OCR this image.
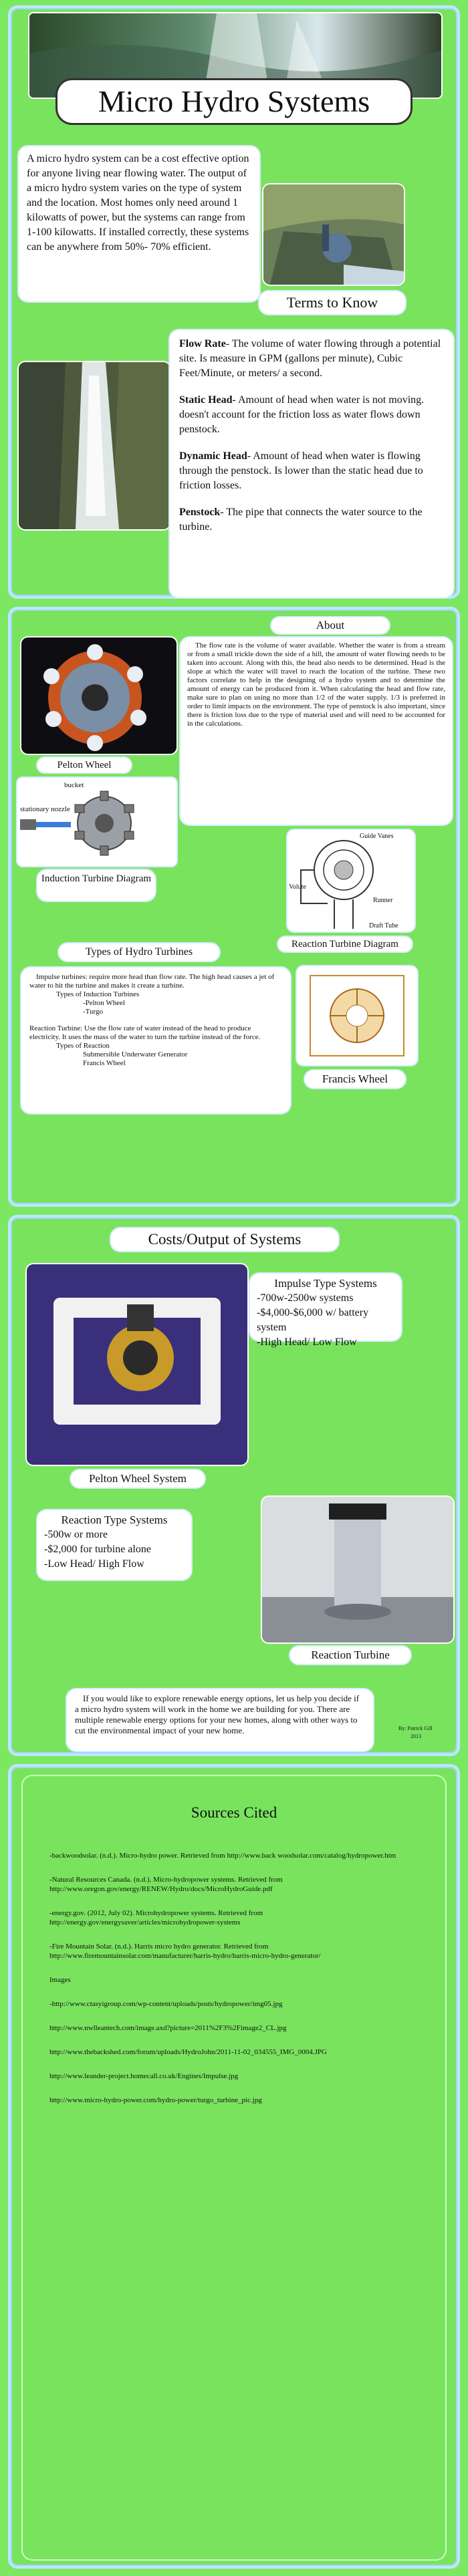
Micro Hydro Systems

A micro hydro system can be a cost effective option for anyone living near flowing water. The output of a micro hydro system varies on the type of system and the location. Most homes only need around 1 kilowatts of power, but the systems can range from 1-100 kilowatts. If installed correctly, these systems can be anywhere from 50%- 70% efficient.

Terms to Know
Flow Rate- The volume of water flowing through a potential site. Is measure in GPM (gallons per minute), Cubic Feet/Minute, or meters/ a second.
Static Head- Amount of head when water is not moving. doesn't account for the friction loss as water flows down penstock.
Dynamic Head- Amount of head when water is flowing through the penstock. Is lower than the static head due to friction losses.
Penstock- The pipe that connects the water source to the turbine.
About

The flow rate is the volume of water available. Whether the water is from a stream or from a small trickle down the side of a hill, the amount of water flowing needs to be taken into account. Along with this, the head also needs to be determined. Head is the slope at which the water will travel to reach the location of the turbine. These two factors correlate to help in the designing of a hydro system and to determine the amount of energy can be produced from it. When calculating the head and flow rate, make sure to plan on using no more than 1/2 of the water supply. 1/3 is preferred in order to limit impacts on the environment. The type of penstock is also important, since there is friction loss due to the type of material used and will need to be accounted for in the calculations.

Pelton Wheel
bucket
stationary nozzle
Induction Turbine Diagram
Guide Vanes
Volute
Runner
Draft Tube
Reaction Turbine Diagram
Types of Hydro Turbines

Impulse turbines: require more head than flow rate. The high head causes a jet of water to hit the turbine and makes it create a turbine.

Types of Induction Turbines

-Pelton Wheel

-Turgo

Reaction Turbine: Use the flow rate of water instead of the head to produce electricity. It uses the mass of the water to turn the turbine instead of the force.

Types of Reaction

Submersible Underwater Generator

Francis Wheel

Francis Wheel
Costs/Output of Systems

Impulse Type Systems

-700w-2500w systems

-$4,000-$6,000 w/ battery system

-High Head/ Low Flow

Pelton Wheel System

Reaction Type Systems

-500w or more

-$2,000 for turbine alone

-Low Head/ High Flow

Reaction Turbine

If you would like to explore renewable energy options, let us help you decide if a micro hydro system will work in the home we are building for you. There are multiple renewable energy options for your new homes, along with other ways to cut the environmental impact of your new home.	By: Patrick Gill

2013

Sources Cited

-backwoodsolar. (n.d.). Micro-hydro power. Retrieved from http://www.back woodsolar.com/catalog/hydropower.htm

-Natural Resources Canada. (n.d.). Micro-hydropower systems. Retrieved from http://www.oregon.gov/energy/RENEW/Hydro/docs/MicroHydroGuide.pdf

-energy.gov. (2012, July 02). Microhydropower systems. Retrieved from http://energy.gov/energysaver/articles/microhydropower-systems

-Fire Mountain Solar. (n.d.). Harris micro hydro generator. Retrieved from http://www.firemountainsolar.com/manufacturer/harris-hydro/harris-micro-hydro-generator/

Images

-http://www.ctasyigroup.com/wp-content/uploads/posts/hydropower/img05.jpg

http://www.nwlleantech.com/image.axd?picture=2011%2F3%2Fimage2_CL.jpg

http://www.thebackshed.com/forum/uploads/HydroJohn/2011-11-02_034555_IMG_0004.JPG

http://www.leander-project.homecall.co.uk/Engines/Impulse.jpg

http://www.micro-hydro-power.com/hydro-power/turgo_turbine_pic.jpg
